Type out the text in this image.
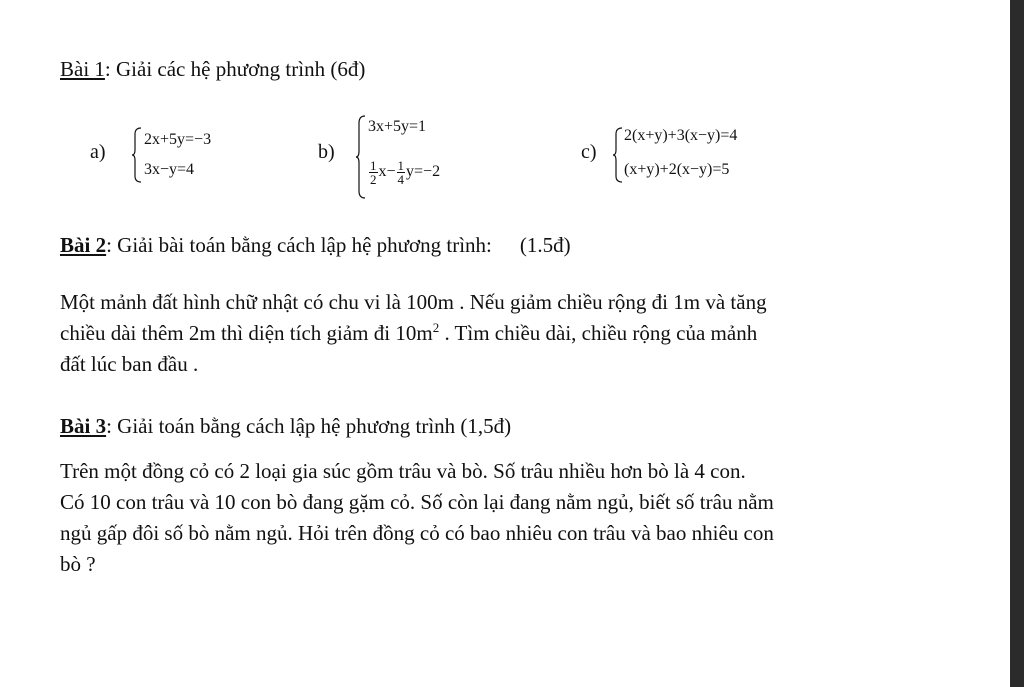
Bài 1: Giải các hệ phương trình (6đ)
a)
2x+5y=−3
3x−y=4
b)
3x+5y=1
$\frac{1}{2} x- \frac{1}{4} y=-2$
c)
2(x+y)+3(x−y)=4
(x+y)+2(x−y)=5
Bài 2: Giải bài toán bằng cách lập hệ phương trình: (1.5đ)
Một mảnh đất hình chữ nhật có chu vi là 100m . Nếu giảm chiều rộng đi 1m và tăng
chiều dài thêm 2m thì diện tích giảm đi $10m^2$ . Tìm chiều dài, chiều rộng của mảnh
đất lúc ban đầu .
Bài 3: Giải toán bằng cách lập hệ phương trình (1,5đ)
Trên một đồng cỏ có 2 loại gia súc gồm trâu và bò. Số trâu nhiều hơn bò là 4 con.
Có 10 con trâu và 10 con bò đang gặm cỏ. Số còn lại đang nằm ngủ, biết số trâu nằm
ngủ gấp đôi số bò nằm ngủ. Hỏi trên đồng cỏ có bao nhiêu con trâu và bao nhiêu con
bò ?
